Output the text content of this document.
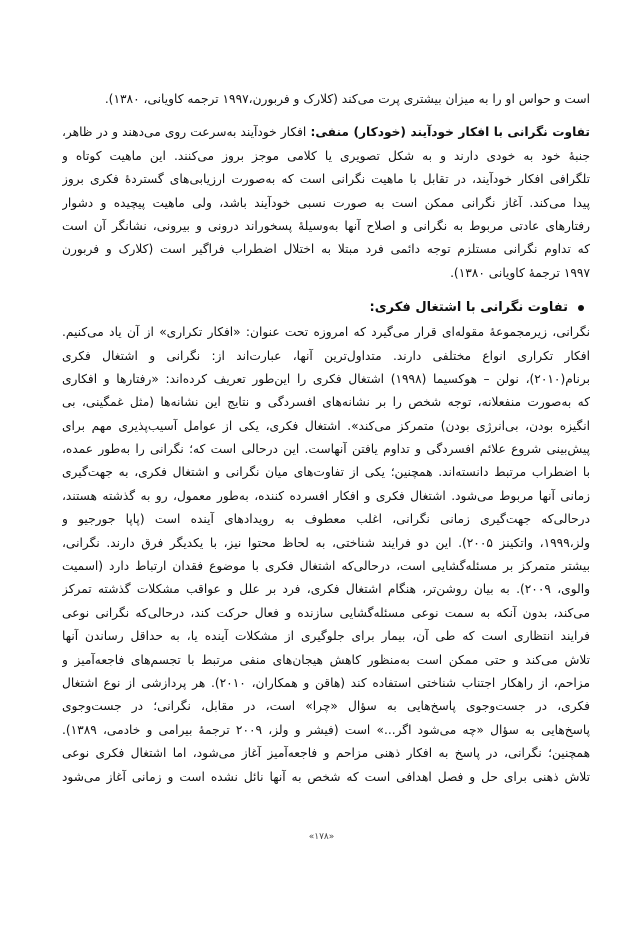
است و حواس او را به میزان بیشتری پرت می‌کند (کلارک و فربورن،۱۹۹۷ ترجمه کاویانی، ۱۳۸۰).
تفاوت نگرانی با افکار خودآیند (خودکار) منفی: افکار خودآیند به‌سرعت روی می‌دهند و در ظاهر،
جنبهٔ خود به خودی دارند و به شکل تصویری یا کلامی موجز بروز می‌کنند. این ماهیت کوتاه و
تلگرافی افکار خودآیند، در تقابل با ماهیت نگرانی است که به‌صورت ارزیابی‌های گستردهٔ فکری بروز
پیدا می‌کند. آغاز نگرانی ممکن است به صورت نسبی خودآیند باشد، ولی ماهیت پیچیده و دشوار
رفتارهای عادتی مربوط به نگرانی و اصلاح آنها به‌وسیلهٔ پسخوراند درونی و بیرونی، نشانگر آن است
که تداوم نگرانی مستلزم توجه دائمی فرد مبتلا به اختلال اضطراب فراگیر است (کلارک و فربورن
۱۹۹۷ ترجمهٔ کاویانی ۱۳۸۰).
تفاوت نگرانی با اشتغال فکری:
نگرانی، زیرمجموعهٔ مقوله‌ای قرار می‌گیرد که امروزه تحت عنوان: «افکار تکراری» از آن یاد می‌کنیم.
افکار تکراری انواع مختلفی دارند. متداول‌ترین آنها، عبارت‌اند از: نگرانی و اشتغال فکری
برنام(۲۰۱۰)، نولن – هوکسیما (۱۹۹۸) اشتغال فکری را این‌طور تعریف کرده‌اند: «رفتارها و افکاری
که به‌صورت منفعلانه، توجه شخص را بر نشانه‌های افسردگی و نتایج این نشانه‌ها (مثل غمگینی، بی
انگیزه بودن، بی‌انرژی بودن) متمرکز می‌کند». اشتغال فکری، یکی از عوامل آسیب‌پذیری مهم برای
پیش‌بینی شروع علائم افسردگی و تداوم یافتن آنهاست. این درحالی است که؛ نگرانی را به‌طور عمده،
با اضطراب مرتبط دانسته‌اند. همچنین؛ یکی از تفاوت‌های میان نگرانی و اشتغال فکری، به جهت‌گیری
زمانی آنها مربوط می‌شود. اشتغال فکری و افکار افسرده کننده، به‌طور معمول، رو به گذشته هستند،
درحالی‌که جهت‌گیری زمانی نگرانی، اغلب معطوف به رویدادهای آینده است (پاپا جورجیو و
ولز،۱۹۹۹، واتکینز ۲۰۰۵). این دو فرایند شناختی، به لحاظ محتوا نیز، با یکدیگر فرق دارند. نگرانی،
بیشتر متمرکز بر مسئله‌گشایی است، درحالی‌که اشتغال فکری با موضوع فقدان ارتباط دارد (اسمیت
والوی، ۲۰۰۹). به بیان روشن‌تر، هنگام اشتغال فکری، فرد بر علل و عواقب مشکلات گذشته تمرکز
می‌کند، بدون آنکه به سمت نوعی مسئله‌گشایی سازنده و فعال حرکت کند، درحالی‌که نگرانی نوعی
فرایند انتظاری است که طی آن، بیمار برای جلوگیری از مشکلات آینده یا، به حداقل رساندن آنها
تلاش می‌کند و حتی ممکن است به‌منظور کاهش هیجان‌های منفی مرتبط با تجسم‌های فاجعه‌آمیز و
مزاحم، از راهکار اجتناب شناختی استفاده کند (هاقن و همکاران، ۲۰۱۰). هر پردازشی از نوع اشتغال
فکری، در جست‌وجوی پاسخ‌هایی به سؤال «چرا» است، در مقابل، نگرانی؛ در جست‌وجوی
پاسخ‌هایی به سؤال «چه می‌شود اگر...» است (فیشر و ولز، ۲۰۰۹ ترجمهٔ بیرامی و خادمی، ۱۳۸۹).
همچنین؛ نگرانی، در پاسخ به افکار ذهنی مزاحم و فاجعه‌آمیز آغاز می‌شود، اما اشتغال فکری نوعی
تلاش ذهنی برای حل و فصل اهدافی است که شخص به آنها نائل نشده است و زمانی آغاز می‌شود
«۱۷۸»
